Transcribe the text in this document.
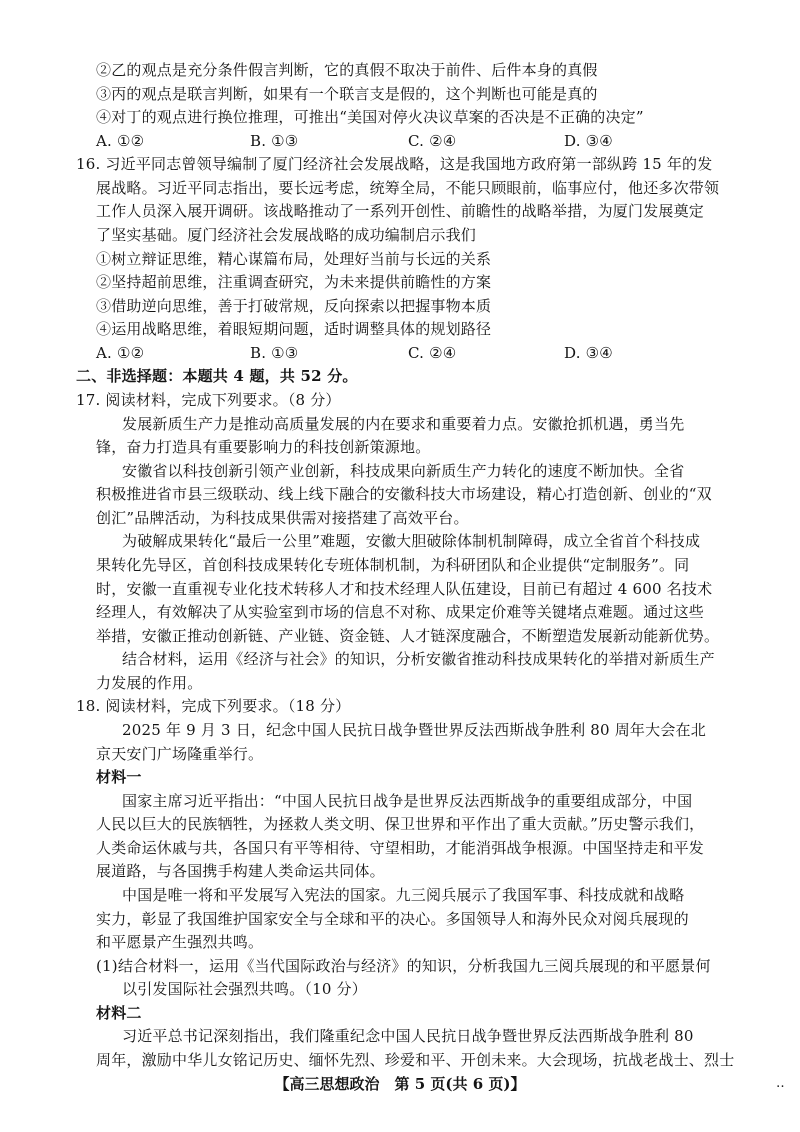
②乙的观点是充分条件假言判断，它的真假不取决于前件、后件本身的真假
③丙的观点是联言判断，如果有一个联言支是假的，这个判断也可能是真的
④对丁的观点进行换位推理，可推出“美国对停火决议草案的否决是不正确的决定”
A. ①②	B. ①③	C. ②④	D. ③④
16. 习近平同志曾领导编制了厦门经济社会发展战略，这是我国地方政府第一部纵跨 15 年的发
展战略。习近平同志指出，要长远考虑，统筹全局，不能只顾眼前，临事应付，他还多次带领
工作人员深入展开调研。该战略推动了一系列开创性、前瞻性的战略举措，为厦门发展奠定
了坚实基础。厦门经济社会发展战略的成功编制启示我们
①树立辩证思维，精心谋篇布局，处理好当前与长远的关系
②坚持超前思维，注重调查研究，为未来提供前瞻性的方案
③借助逆向思维，善于打破常规，反向探索以把握事物本质
④运用战略思维，着眼短期问题，适时调整具体的规划路径
A. ①②	B. ①③	C. ②④	D. ③④
二、非选择题：本题共 4 题，共 52 分。
17. 阅读材料，完成下列要求。（8 分）
发展新质生产力是推动高质量发展的内在要求和重要着力点。安徽抢抓机遇，勇当先
锋，奋力打造具有重要影响力的科技创新策源地。
安徽省以科技创新引领产业创新，科技成果向新质生产力转化的速度不断加快。全省
积极推进省市县三级联动、线上线下融合的安徽科技大市场建设，精心打造创新、创业的“双
创汇”品牌活动，为科技成果供需对接搭建了高效平台。
为破解成果转化“最后一公里”难题，安徽大胆破除体制机制障碍，成立全省首个科技成
果转化先导区，首创科技成果转化专班体制机制，为科研团队和企业提供“定制服务”。同
时，安徽一直重视专业化技术转移人才和技术经理人队伍建设，目前已有超过 4 600 名技术
经理人，有效解决了从实验室到市场的信息不对称、成果定价难等关键堵点难题。通过这些
举措，安徽正推动创新链、产业链、资金链、人才链深度融合，不断塑造发展新动能新优势。
结合材料，运用《经济与社会》的知识，分析安徽省推动科技成果转化的举措对新质生产
力发展的作用。
18. 阅读材料，完成下列要求。（18 分）
2025 年 9 月 3 日，纪念中国人民抗日战争暨世界反法西斯战争胜利 80 周年大会在北
京天安门广场隆重举行。
材料一
国家主席习近平指出：“中国人民抗日战争是世界反法西斯战争的重要组成部分，中国
人民以巨大的民族牺牲，为拯救人类文明、保卫世界和平作出了重大贡献。”历史警示我们，
人类命运休戚与共，各国只有平等相待、守望相助，才能消弭战争根源。中国坚持走和平发
展道路，与各国携手构建人类命运共同体。
中国是唯一将和平发展写入宪法的国家。九三阅兵展示了我国军事、科技成就和战略
实力，彰显了我国维护国家安全与全球和平的决心。多国领导人和海外民众对阅兵展现的
和平愿景产生强烈共鸣。
(1)结合材料一，运用《当代国际政治与经济》的知识，分析我国九三阅兵展现的和平愿景何
以引发国际社会强烈共鸣。（10 分）
材料二
习近平总书记深刻指出，我们隆重纪念中国人民抗日战争暨世界反法西斯战争胜利 80
周年，激励中华儿女铭记历史、缅怀先烈、珍爱和平、开创未来。大会现场，抗战老战士、烈士
【高三思想政治　第 5 页(共 6 页)】	‥
